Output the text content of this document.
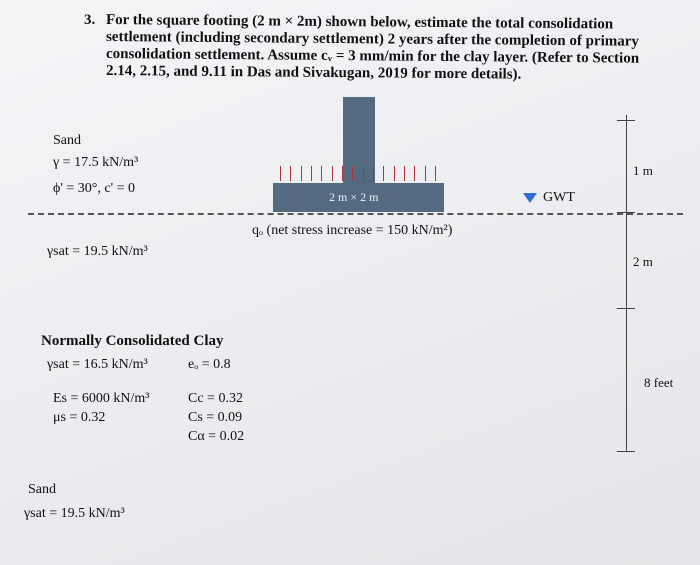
3. For the square footing (2 m × 2m) shown below, estimate the total consolidation
settlement (including secondary settlement) 2 years after the completion of primary
consolidation settlement. Assume cᵥ = 3 mm/min for the clay layer. (Refer to Section
2.14, 2.15, and 9.11 in Das and Sivakugan, 2019 for more details).
Sand
γ = 17.5 kN/m³
ϕ' = 30°, c' = 0
γsat = 19.5 kN/m³
2 m × 2 m
qₒ (net stress increase = 150 kN/m²)
GWT
1 m
2 m
8 feet
Normally Consolidated Clay
γsat = 16.5 kN/m³	eₒ = 0.8
Es = 6000 kN/m³
μs = 0.32
Cc = 0.32
Cs = 0.09
Cα = 0.02
Sand
γsat = 19.5 kN/m³
